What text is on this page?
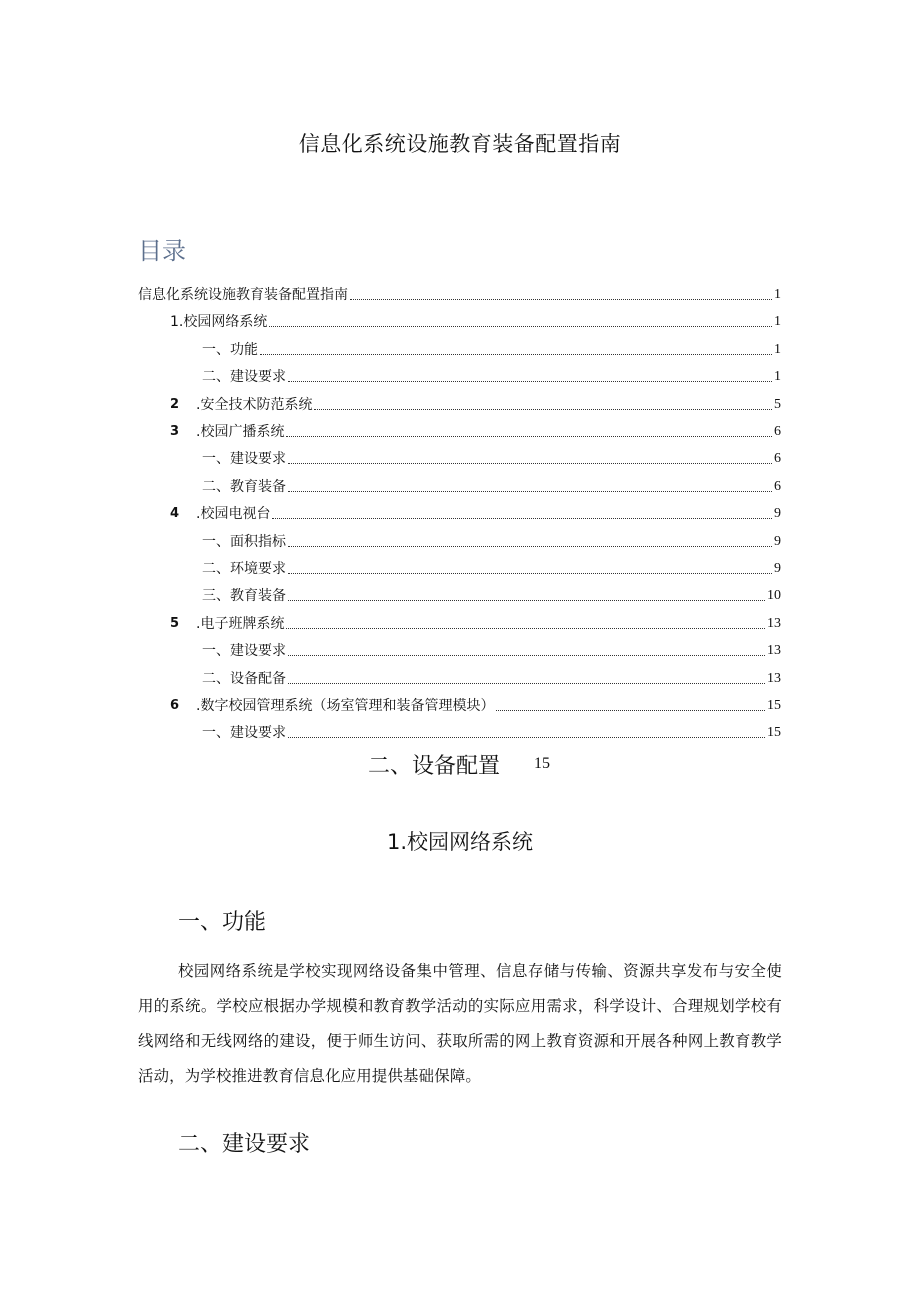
信息化系统设施教育装备配置指南
目录
信息化系统设施教育装备配置指南	1
1.校园网络系统	1
一、功能	1
二、建设要求	1
2	.安全技术防范系统	5
3	.校园广播系统	6
一、建设要求	6
二、教育装备	6
4	.校园电视台	9
一、面积指标	9
二、环境要求	9
三、教育装备	10
5	.电子班牌系统	13
一、建设要求	13
二、设备配备	13
6	.数字校园管理系统（场室管理和装备管理模块）	15
一、建设要求	15
二、设备配置 15
1.校园网络系统
一、功能
校园网络系统是学校实现网络设备集中管理、信息存储与传输、资源共享发布与安全使用的系统。学校应根据办学规模和教育教学活动的实际应用需求，科学设计、合理规划学校有线网络和无线网络的建设，便于师生访问、获取所需的网上教育资源和开展各种网上教育教学活动，为学校推进教育信息化应用提供基础保障。
二、建设要求
